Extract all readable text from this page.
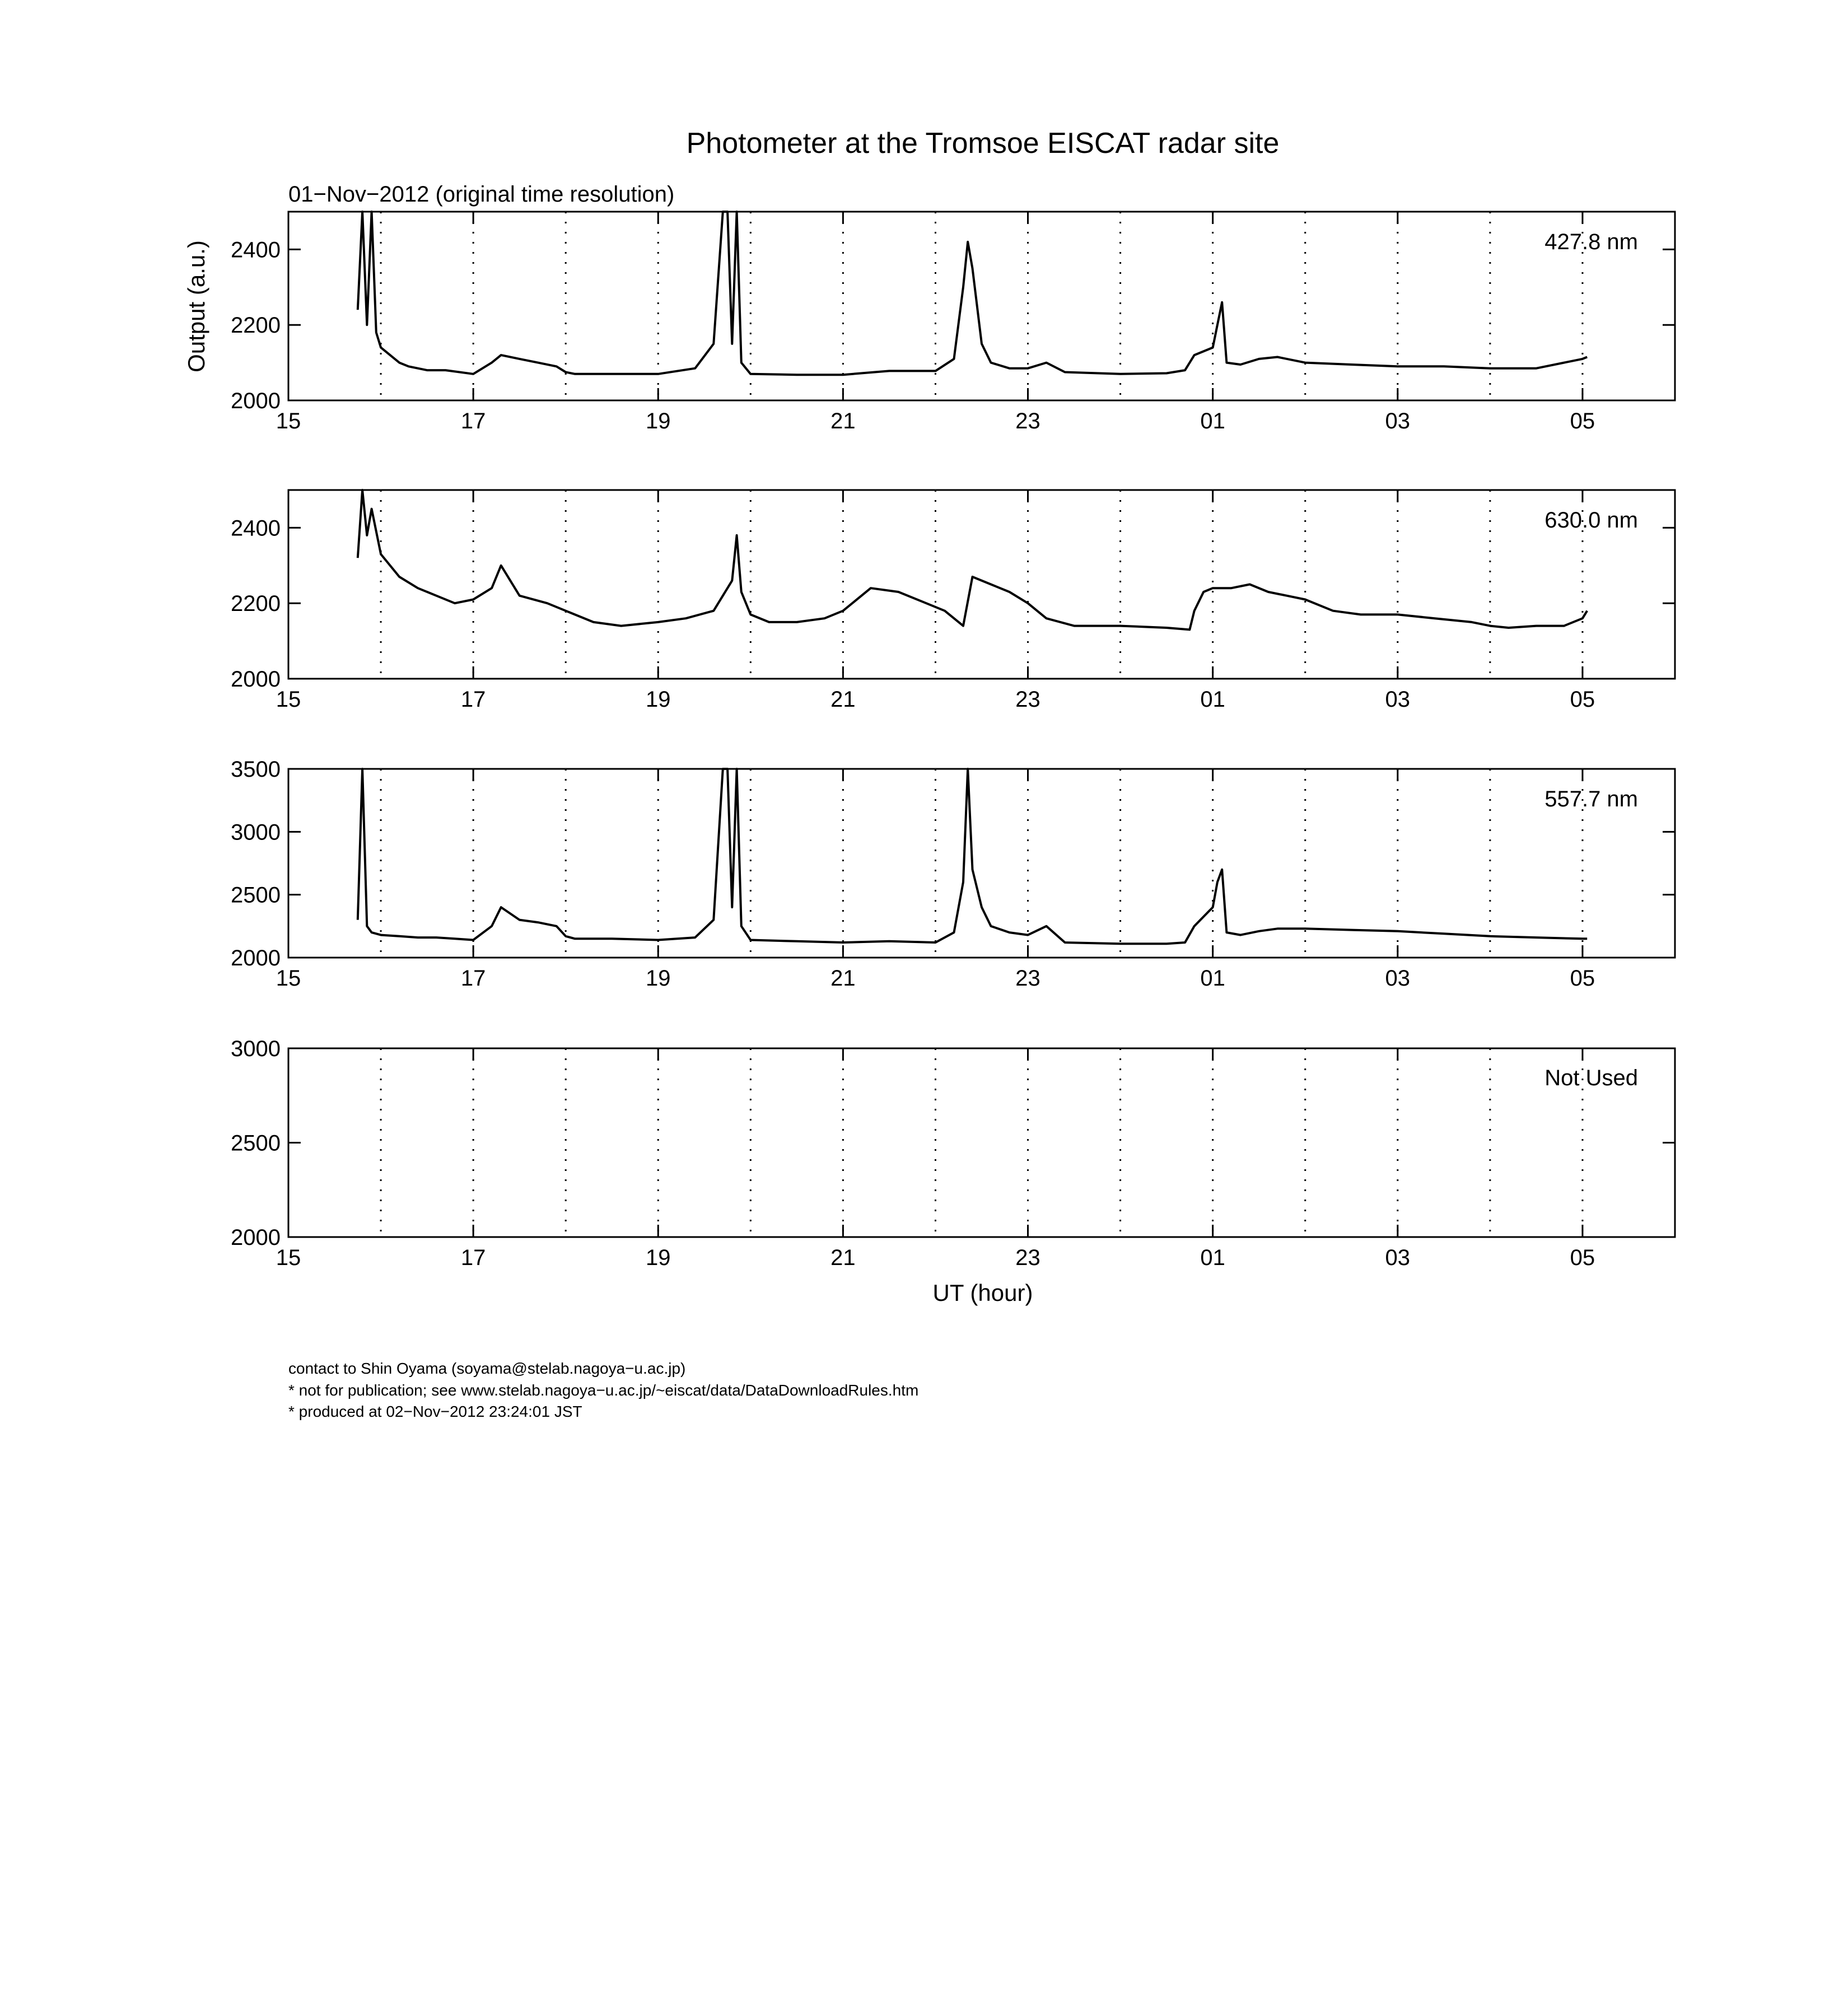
Photometer at the Tromsoe EISCAT radar site
01−Nov−2012 (original time resolution)
Output (a.u.)
UT (hour)
contact to Shin Oyama (soyama@stelab.nagoya−u.ac.jp)
* not for publication; see www.stelab.nagoya−u.ac.jp/~eiscat/data/DataDownloadRules.htm
* produced at 02−Nov−2012 23:24:01 JST
15	17	19	21	23	01	03	05
2000
2200
2400	427.8 nm
15	17	19	21	23	01	03	05
2000
2200
2400	630.0 nm
15	17	19	21	23	01	03	05
2000
2500
3000
3500
557.7 nm
15	17	19	21	23	01	03	05
2000
2500
3000
Not Used
